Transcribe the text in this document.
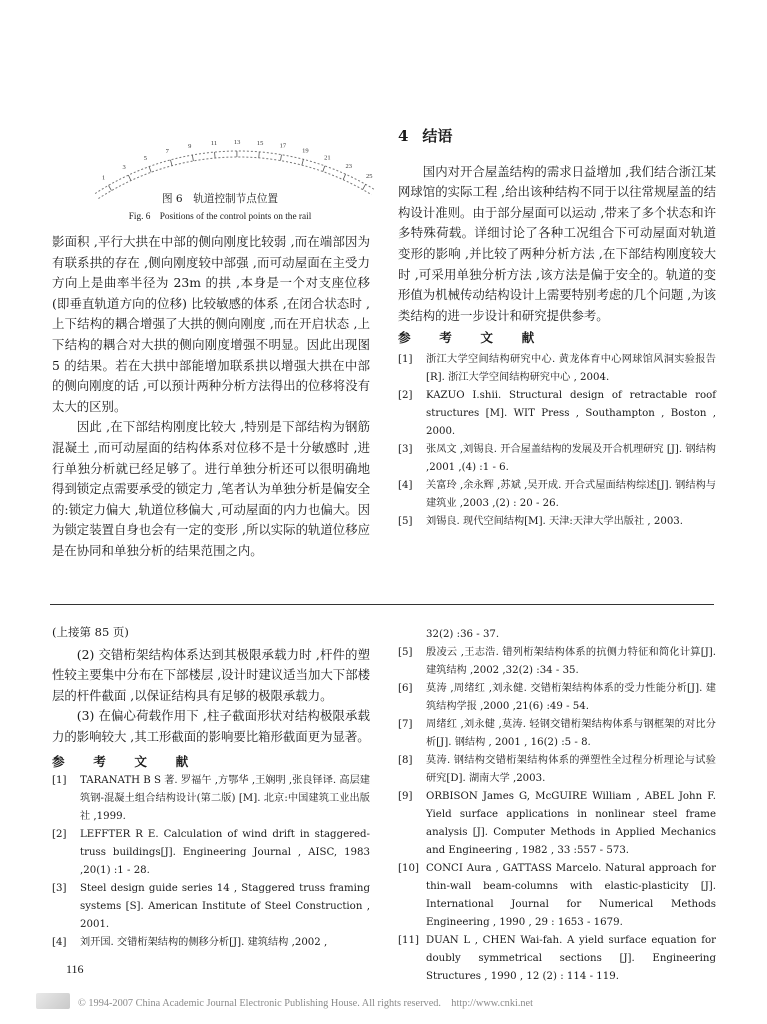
1
3
5
7
9	11	13	15	17
19
21
23
25
图 6　轨道控制节点位置
Fig. 6　Positions of the control points on the rail

影面积 ,平行大拱在中部的侧向刚度比较弱 ,而在端部因为有联系拱的存在 ,侧向刚度较中部强 ,而可动屋面在主受力方向上是曲率半径为 23m 的拱 ,本身是一个对支座位移(即垂直轨道方向的位移) 比较敏感的体系 ,在闭合状态时 ,上下结构的耦合增强了大拱的侧向刚度 ,而在开启状态 ,上下结构的耦合对大拱的侧向刚度增强不明显。因此出现图 5 的结果。若在大拱中部能增加联系拱以增强大拱在中部的侧向刚度的话 ,可以预计两种分析方法得出的位移将没有太大的区别。

因此 ,在下部结构刚度比较大 ,特别是下部结构为钢筋混凝土 ,而可动屋面的结构体系对位移不是十分敏感时 ,进行单独分析就已经足够了。进行单独分析还可以很明确地得到锁定点需要承受的锁定力 ,笔者认为单独分析是偏安全的:锁定力偏大 ,轨道位移偏大 ,可动屋面的内力也偏大。因为锁定装置自身也会有一定的变形 ,所以实际的轨道位移应是在协同和单独分析的结果范围之内。

4 结语

国内对开合屋盖结构的需求日益增加 ,我们结合浙江某网球馆的实际工程 ,给出该种结构不同于以往常规屋盖的结构设计准则。由于部分屋面可以运动 ,带来了多个状态和许多特殊荷载。详细讨论了各种工况组合下可动屋面对轨道变形的影响 ,并比较了两种分析方法 ,在下部结构刚度较大时 ,可采用单独分析方法 ,该方法是偏于安全的。轨道的变形值为机械传动结构设计上需要特别考虑的几个问题 ,为该类结构的进一步设计和研究提供参考。

参　考　文　献

[1]	浙江大学空间结构研究中心. 黄龙体育中心网球馆风洞实验报告[R]. 浙江大学空间结构研究中心 , 2004.
[2]	KAZUO I.shii. Structural design of retractable roof structures [M]. WIT Press , Southampton , Boston , 2000.
[3]	张凤文 ,刘锡良. 开合屋盖结构的发展及开合机理研究 [J]. 钢结构 ,2001 ,(4) :1 - 6.
[4]	关富玲 ,余永辉 ,苏斌 ,吴开成. 开合式屋面结构综述[J]. 钢结构与建筑业 ,2003 ,(2) : 20 - 26.
[5]	刘锡良. 现代空间结构[M]. 天津:天津大学出版社 , 2003.

(上接第 85 页)

(2) 交错桁架结构体系达到其极限承载力时 ,杆件的塑性较主要集中分布在下部楼层 ,设计时建议适当加大下部楼层的杆件截面 ,以保证结构具有足够的极限承载力。

(3) 在偏心荷载作用下 ,柱子截面形状对结构极限承载力的影响较大 ,其工形截面的影响要比箱形截面更为显著。

参　考　文　献

[1]	TARANATH B S 著. 罗福午 ,方鄂华 ,王娴明 ,张良铎译. 高层建筑钢-混凝土组合结构设计(第二版) [M]. 北京:中国建筑工业出版社 ,1999.
[2]	LEFFTER R E. Calculation of wind drift in staggered-truss buildings[J]. Engineering Journal , AISC, 1983 ,20(1) :1 - 28.
[3]	Steel design guide series 14 , Staggered truss framing systems [S]. American Institute of Steel Construction , 2001.
[4]	刘开国. 交错桁架结构的侧移分析[J]. 建筑结构 ,2002 ,
32(2) :36 - 37.
[5]	殷凌云 ,王志浩. 错列桁架结构体系的抗侧力特征和简化计算[J]. 建筑结构 ,2002 ,32(2) :34 - 35.
[6]	莫涛 ,周绪红 ,刘永健. 交错桁架结构体系的受力性能分析[J]. 建筑结构学报 ,2000 ,21(6) :49 - 54.
[7]	周绪红 ,刘永健 ,莫涛. 轻钢交错桁架结构体系与钢框架的对比分析[J]. 钢结构 , 2001 , 16(2) :5 - 8.
[8]	莫涛. 钢结构交错桁架结构体系的弹塑性全过程分析理论与试验研究[D]. 湖南大学 ,2003.
[9]	ORBISON James G, McGUIRE William , ABEL John F. Yield surface applications in nonlinear steel frame analysis [J]. Computer Methods in Applied Mechanics and Engineering , 1982 , 33 :557 - 573.
[10] CONCI Aura , GATTASS Marcelo. Natural approach for thin-wall beam-columns with elastic-plasticity [J]. International Journal for Numerical Methods Engineering , 1990 , 29 : 1653 - 1679.
[11] DUAN L , CHEN Wai-fah. A yield surface equation for doubly symmetrical sections [J]. Engineering Structures , 1990 , 12 (2) : 114 - 119.
116
© 1994-2007 China Academic Journal Electronic Publishing House. All rights reserved.　http://www.cnki.net
